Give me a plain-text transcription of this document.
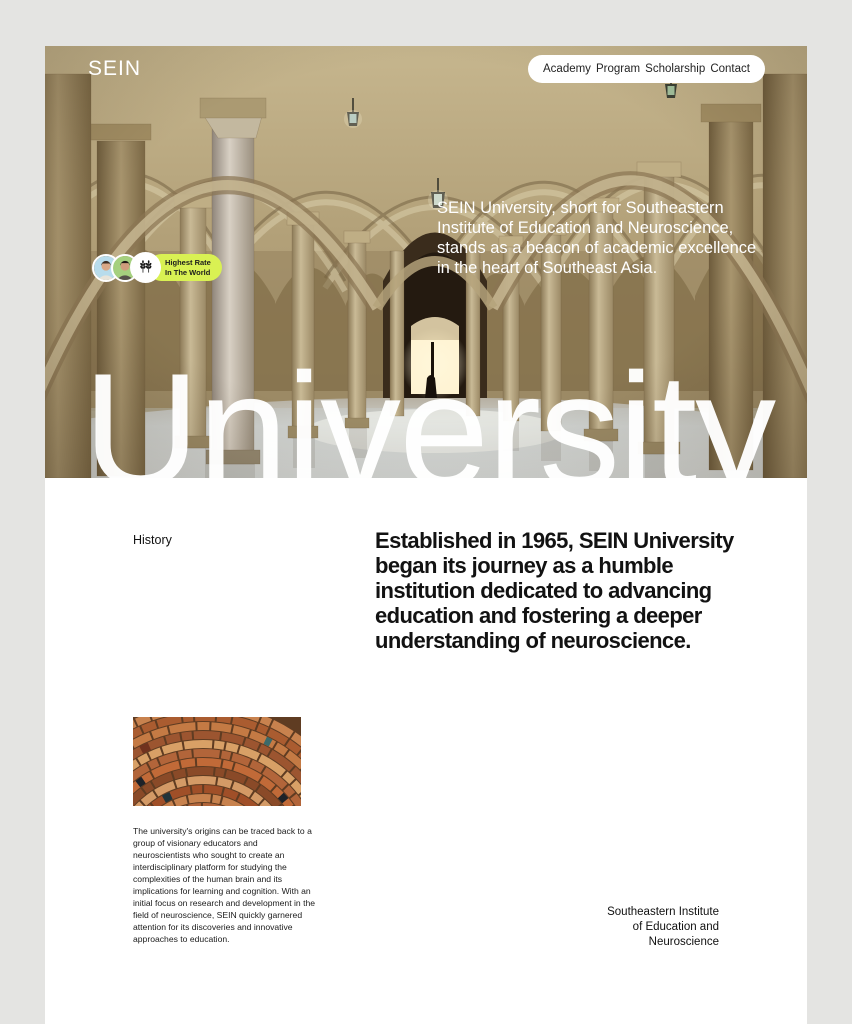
SEIN	Academy Program Scholarship Contact

SEIN University, short for Southeastern Institute of Education and Neuroscience, stands as a beacon of academic excellence in the heart of Southeast Asia.

Highest Rate
In The World
University
History	Established in 1965, SEIN University began its journey as a humble institution dedicated to advancing education and fostering a deeper understanding of neuroscience.

The university's origins can be traced back to a group of visionary educators and neuroscientists who sought to create an interdisciplinary platform for studying the complexities of the human brain and its implications for learning and cognition. With an initial focus on research and development in the field of neuroscience, SEIN quickly garnered attention for its discoveries and innovative approaches to education.

Southeastern Institute
of Education and
Neuroscience
